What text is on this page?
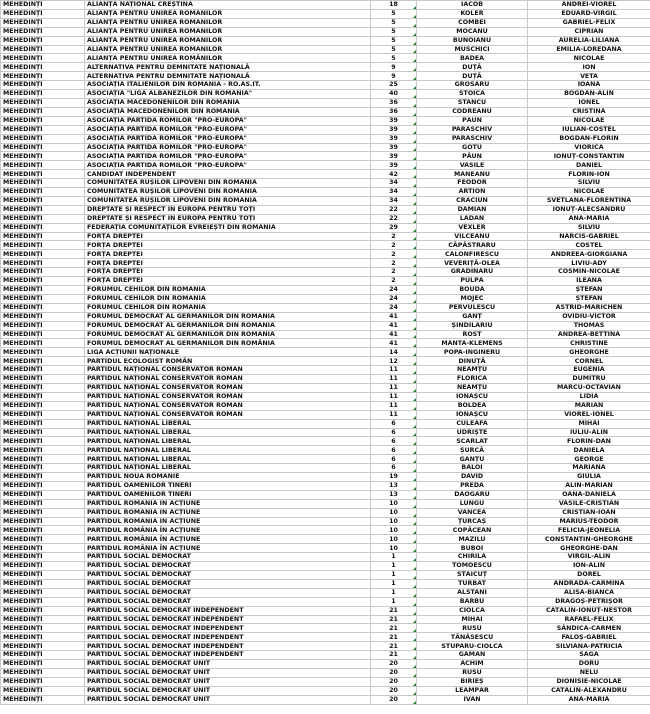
MEHEDINȚI	ALIANȚA NAȚIONAL CREȘTINĂ	18	IACOB	ANDREI-VIOREL
MEHEDINȚI	ALIANȚA PENTRU UNIREA ROMÂNILOR	5	KOLER	EDUARD-VIRGIL
MEHEDINȚI	ALIANȚA PENTRU UNIREA ROMÂNILOR	5	COMBEI	GABRIEL-FELIX
MEHEDINȚI	ALIANȚA PENTRU UNIREA ROMÂNILOR	5	MOCANU	CIPRIAN
MEHEDINȚI	ALIANȚA PENTRU UNIREA ROMÂNILOR	5	BUNOIANU	AURELIA-LILIANA
MEHEDINȚI	ALIANȚA PENTRU UNIREA ROMÂNILOR	5	MUSCHICI	EMILIA-LOREDANA
MEHEDINȚI	ALIANȚA PENTRU UNIREA ROMÂNILOR	5	BADEA	NICOLAE
MEHEDINȚI	ALTERNATIVA PENTRU DEMNITATE NAȚIONALĂ	9	DUȚĂ	ION
MEHEDINȚI	ALTERNATIVA PENTRU DEMNITATE NAȚIONALĂ	9	DUȚĂ	VETA
MEHEDINȚI	ASOCIAȚIA ITALIENILOR DIN ROMÂNIA - RO.AS.IT.	25	GROSARU	IOANA
MEHEDINȚI	ASOCIAȚIA "LIGA ALBANEZILOR DIN ROMÂNIA"	40	STOICA	BOGDAN-ALIN
MEHEDINȚI	ASOCIAȚIA MACEDONENILOR DIN ROMÂNIA	36	STANCU	IONEL
MEHEDINȚI	ASOCIAȚIA MACEDONENILOR DIN ROMÂNIA	36	CODREANU	CRISTINA
MEHEDINȚI	ASOCIAȚIA PARTIDA ROMILOR "PRO-EUROPA"	39	PĂUN	NICOLAE
MEHEDINȚI	ASOCIAȚIA PARTIDA ROMILOR "PRO-EUROPA"	39	PARASCHIV	IULIAN-COSTEL
MEHEDINȚI	ASOCIAȚIA PARTIDA ROMILOR "PRO-EUROPA"	39	PARASCHIV	BOGDAN-FLORIN
MEHEDINȚI	ASOCIAȚIA PARTIDA ROMILOR "PRO-EUROPA"	39	GOTU	VIORICA
MEHEDINȚI	ASOCIAȚIA PARTIDA ROMILOR "PRO-EUROPA"	39	PĂUN	IONUȚ-CONSTANTIN
MEHEDINȚI	ASOCIAȚIA PARTIDA ROMILOR "PRO-EUROPA"	39	VASILE	DANIEL
MEHEDINȚI	CANDIDAT INDEPENDENT	42	MANEANU	FLORIN-ION
MEHEDINȚI	COMUNITATEA RUȘILOR LIPOVENI DIN ROMÂNIA	34	FEODOR	SILVIU
MEHEDINȚI	COMUNITATEA RUȘILOR LIPOVENI DIN ROMÂNIA	34	ARTION	NICOLAE
MEHEDINȚI	COMUNITATEA RUȘILOR LIPOVENI DIN ROMÂNIA	34	CRĂCIUN	SVETLANA-FLORENTINA
MEHEDINȚI	DREPTATE ȘI RESPECT ÎN EUROPA PENTRU TOȚI	22	DAMIAN	IONUȚ-ALECSANDRU
MEHEDINȚI	DREPTATE ȘI RESPECT ÎN EUROPA PENTRU TOȚI	22	LĂDAN	ANA-MARIA
MEHEDINȚI	FEDERAȚIA COMUNITĂȚILOR EVREIEȘTI DIN ROMÂNIA	29	VEXLER	SILVIU
MEHEDINȚI	FORȚA DREPTEI	2	VÎLCEANU	NARCIS-GABRIEL
MEHEDINȚI	FORȚA DREPTEI	2	CĂPĂSTRARU	COSTEL
MEHEDINȚI	FORȚA DREPTEI	2	CALONFIRESCU	ANDREEA-GIORGIANA
MEHEDINȚI	FORȚA DREPTEI	2	VEVERIȚĂ-OLEA	LIVIU-ADY
MEHEDINȚI	FORȚA DREPTEI	2	GRĂDINARU	COSMIN-NICOLAE
MEHEDINȚI	FORȚA DREPTEI	2	PULPĂ	ILEANA
MEHEDINȚI	FORUMUL CEHILOR DIN ROMÂNIA	24	BOUDA	ȘTEFAN
MEHEDINȚI	FORUMUL CEHILOR DIN ROMÂNIA	24	MOJEC	ȘTEFAN
MEHEDINȚI	FORUMUL CEHILOR DIN ROMÂNIA	24	PERVULESCU	ASTRID-MARICHEN
MEHEDINȚI	FORUMUL DEMOCRAT AL GERMANILOR DIN ROMÂNIA	41	GANȚ	OVIDIU-VICTOR
MEHEDINȚI	FORUMUL DEMOCRAT AL GERMANILOR DIN ROMÂNIA	41	ȘINDILARIU	THOMAS
MEHEDINȚI	FORUMUL DEMOCRAT AL GERMANILOR DIN ROMÂNIA	41	ROST	ANDREA-BETTINA
MEHEDINȚI	FORUMUL DEMOCRAT AL GERMANILOR DIN ROMÂNIA	41	MANTA-KLEMENS	CHRISTINE
MEHEDINȚI	LIGA ACȚIUNII NAȚIONALE	14	POPA-INGINERU	GHEORGHE
MEHEDINȚI	PARTIDUL ECOLOGIST ROMÂN	12	DINUȚĂ	CORNEL
MEHEDINȚI	PARTIDUL NAȚIONAL CONSERVATOR ROMÂN	11	NEAMȚU	EUGENIA
MEHEDINȚI	PARTIDUL NAȚIONAL CONSERVATOR ROMÂN	11	FLORICA	DUMITRU
MEHEDINȚI	PARTIDUL NAȚIONAL CONSERVATOR ROMÂN	11	NEAMȚU	MARCU-OCTAVIAN
MEHEDINȚI	PARTIDUL NAȚIONAL CONSERVATOR ROMÂN	11	IONAȘCU	LIDIA
MEHEDINȚI	PARTIDUL NAȚIONAL CONSERVATOR ROMÂN	11	BOLDEA	MARIAN
MEHEDINȚI	PARTIDUL NAȚIONAL CONSERVATOR ROMÂN	11	IONAȘCU	VIOREL-IONEL
MEHEDINȚI	PARTIDUL NAȚIONAL LIBERAL	6	CULEAFĂ	MIHAI
MEHEDINȚI	PARTIDUL NAȚIONAL LIBERAL	6	UDRIȘTE	IULIU-ALIN
MEHEDINȚI	PARTIDUL NAȚIONAL LIBERAL	6	SCARLAT	FLORIN-DAN
MEHEDINȚI	PARTIDUL NAȚIONAL LIBERAL	6	ȘURCĂ	DANIELA
MEHEDINȚI	PARTIDUL NAȚIONAL LIBERAL	6	GANȚU	GEORGE
MEHEDINȚI	PARTIDUL NAȚIONAL LIBERAL	6	BALOI	MARIANA
MEHEDINȚI	PARTIDUL NOUA ROMÂNIE	19	DAVID	GIULIA
MEHEDINȚI	PARTIDUL OAMENILOR TINERI	13	PREDA	ALIN-MARIAN
MEHEDINȚI	PARTIDUL OAMENILOR TINERI	13	DĂOGARU	OANA-DANIELA
MEHEDINȚI	PARTIDUL ROMÂNIA ÎN ACȚIUNE	10	LUNGU	VASILE-CRISTIAN
MEHEDINȚI	PARTIDUL ROMÂNIA ÎN ACȚIUNE	10	VANCEA	CRISTIAN-IOAN
MEHEDINȚI	PARTIDUL ROMÂNIA ÎN ACȚIUNE	10	ȚURCAȘ	MARIUS-TEODOR
MEHEDINȚI	PARTIDUL ROMÂNIA ÎN ACȚIUNE	10	COPĂCEAN	FELICIA-JEONELIA
MEHEDINȚI	PARTIDUL ROMÂNIA ÎN ACȚIUNE	10	MAZILU	CONSTANTIN-GHEORGHE
MEHEDINȚI	PARTIDUL ROMÂNIA ÎN ACȚIUNE	10	BUBOI	GHEORGHE-DAN
MEHEDINȚI	PARTIDUL SOCIAL DEMOCRAT	1	CHIRILĂ	VIRGIL-ALIN
MEHEDINȚI	PARTIDUL SOCIAL DEMOCRAT	1	TOMOESCU	ION-ALIN
MEHEDINȚI	PARTIDUL SOCIAL DEMOCRAT	1	STĂICUȚ	DOREL
MEHEDINȚI	PARTIDUL SOCIAL DEMOCRAT	1	TURBAT	ANDRADA-CARMINA
MEHEDINȚI	PARTIDUL SOCIAL DEMOCRAT	1	ALSTANI	ALISA-BIANCA
MEHEDINȚI	PARTIDUL SOCIAL DEMOCRAT	1	BARBU	DRAGOȘ-PETRIȘOR
MEHEDINȚI	PARTIDUL SOCIAL DEMOCRAT INDEPENDENT	21	CIOLCA	CĂTĂLIN-IONUȚ-NESTOR
MEHEDINȚI	PARTIDUL SOCIAL DEMOCRAT INDEPENDENT	21	MIHAI	RAFAEL-FELIX
MEHEDINȚI	PARTIDUL SOCIAL DEMOCRAT INDEPENDENT	21	RUSU	SÂNDICA-CARMEN
MEHEDINȚI	PARTIDUL SOCIAL DEMOCRAT INDEPENDENT	21	TĂNĂSESCU	FALOȘ-GABRIEL
MEHEDINȚI	PARTIDUL SOCIAL DEMOCRAT INDEPENDENT	21	STUPARU-CIOLCA	SILVIANA-PATRICIA
MEHEDINȚI	PARTIDUL SOCIAL DEMOCRAT INDEPENDENT	21	GĂMAN	SAGĂ
MEHEDINȚI	PARTIDUL SOCIAL DEMOCRAT UNIT	20	ACHIM	DORU
MEHEDINȚI	PARTIDUL SOCIAL DEMOCRAT UNIT	20	RUSU	NELU
MEHEDINȚI	PARTIDUL SOCIAL DEMOCRAT UNIT	20	BIRIEȘ	DIONISIE-NICOLAE
MEHEDINȚI	PARTIDUL SOCIAL DEMOCRAT UNIT	20	LEAMPĂR	CĂTĂLIN-ALEXANDRU
MEHEDINȚI	PARTIDUL SOCIAL DEMOCRAT UNIT	20	IVAN	ANA-MARIA
